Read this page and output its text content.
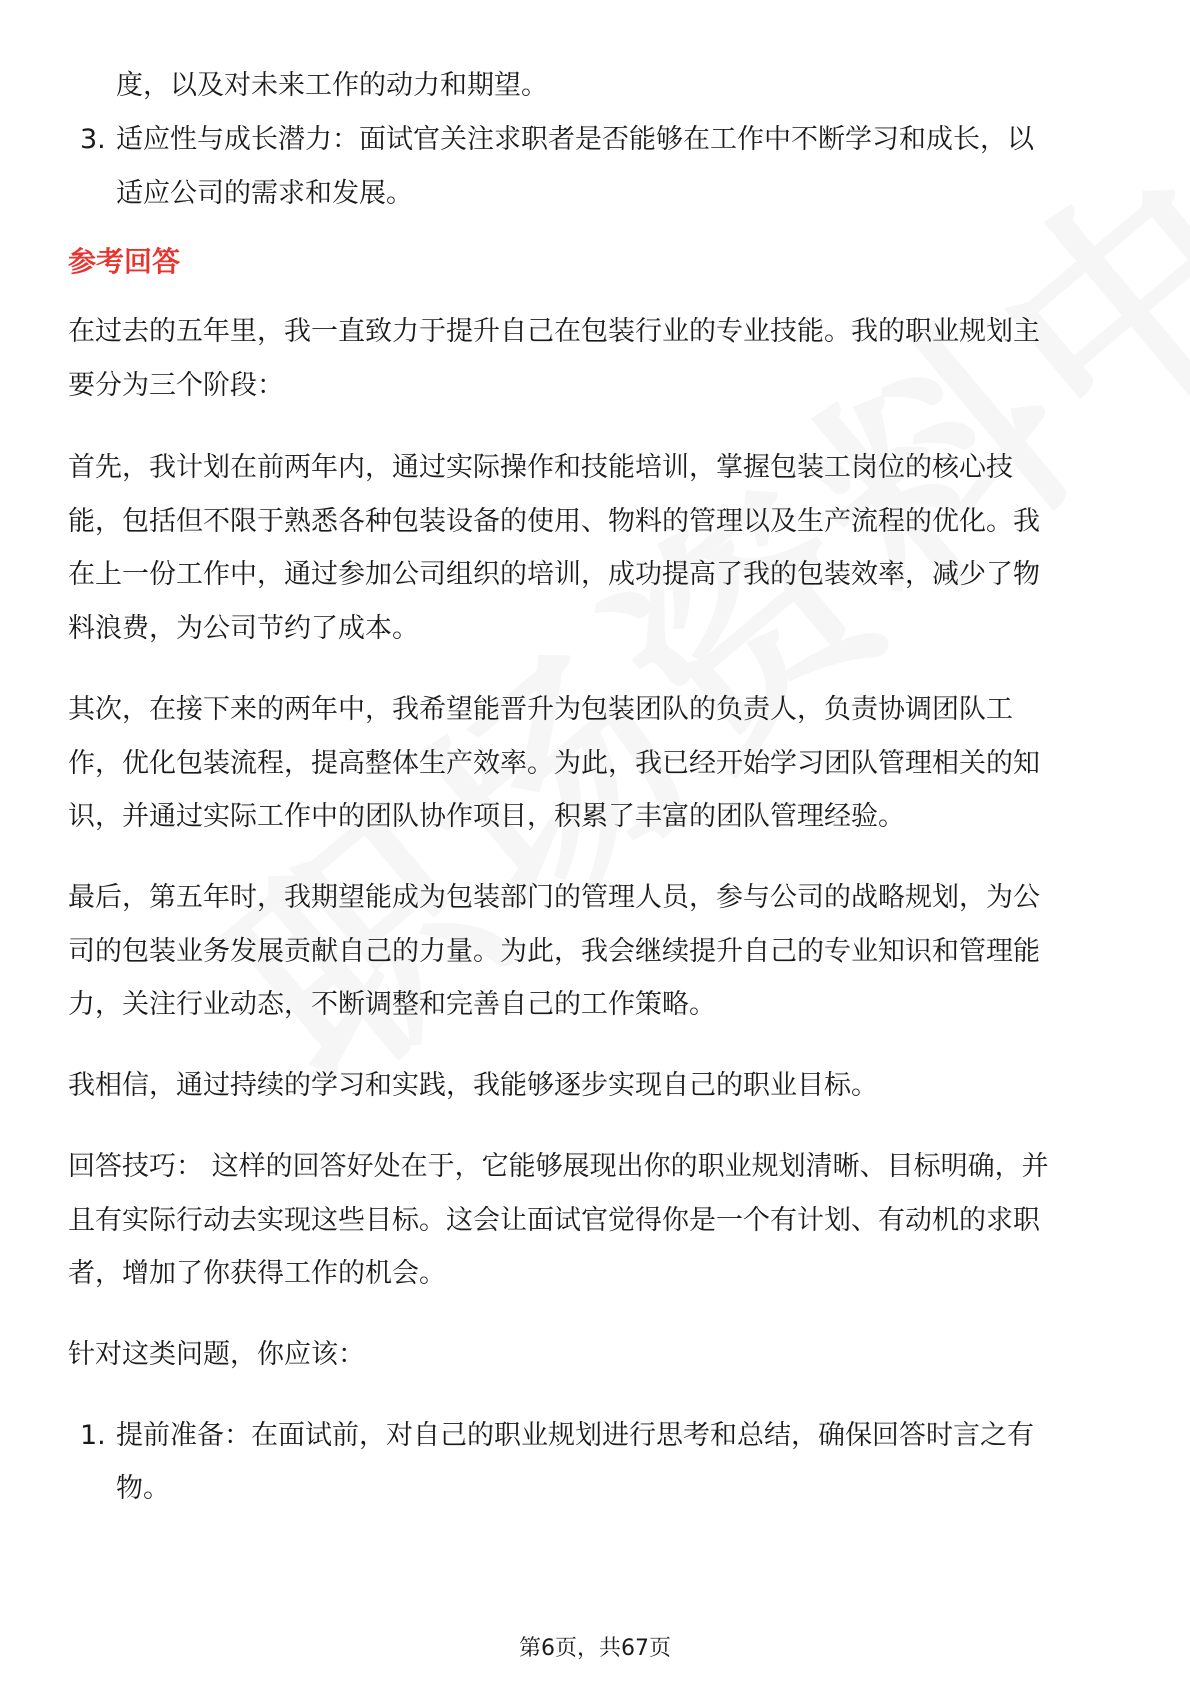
度，以及对未来工作的动力和期望。
3. 适应性与成长潜力：面试官关注求职者是否能够在工作中不断学习和成长，以
适应公司的需求和发展。
参考回答
在过去的五年里，我一直致力于提升自己在包装行业的专业技能。我的职业规划主
要分为三个阶段：
首先，我计划在前两年内，通过实际操作和技能培训，掌握包装工岗位的核心技
能，包括但不限于熟悉各种包装设备的使用、物料的管理以及生产流程的优化。我
在上一份工作中，通过参加公司组织的培训，成功提高了我的包装效率，减少了物
料浪费，为公司节约了成本。
其次，在接下来的两年中，我希望能晋升为包装团队的负责人，负责协调团队工
作，优化包装流程，提高整体生产效率。为此，我已经开始学习团队管理相关的知
识，并通过实际工作中的团队协作项目，积累了丰富的团队管理经验。
最后，第五年时，我期望能成为包装部门的管理人员，参与公司的战略规划，为公
司的包装业务发展贡献自己的力量。为此，我会继续提升自己的专业知识和管理能
力，关注行业动态，不断调整和完善自己的工作策略。
我相信，通过持续的学习和实践，我能够逐步实现自己的职业目标。
回答技巧： 这样的回答好处在于，它能够展现出你的职业规划清晰、目标明确，并
且有实际行动去实现这些目标。这会让面试官觉得你是一个有计划、有动机的求职
者，增加了你获得工作的机会。
针对这类问题，你应该：
1. 提前准备：在面试前，对自己的职业规划进行思考和总结，确保回答时言之有
物。
第6页，共67页
